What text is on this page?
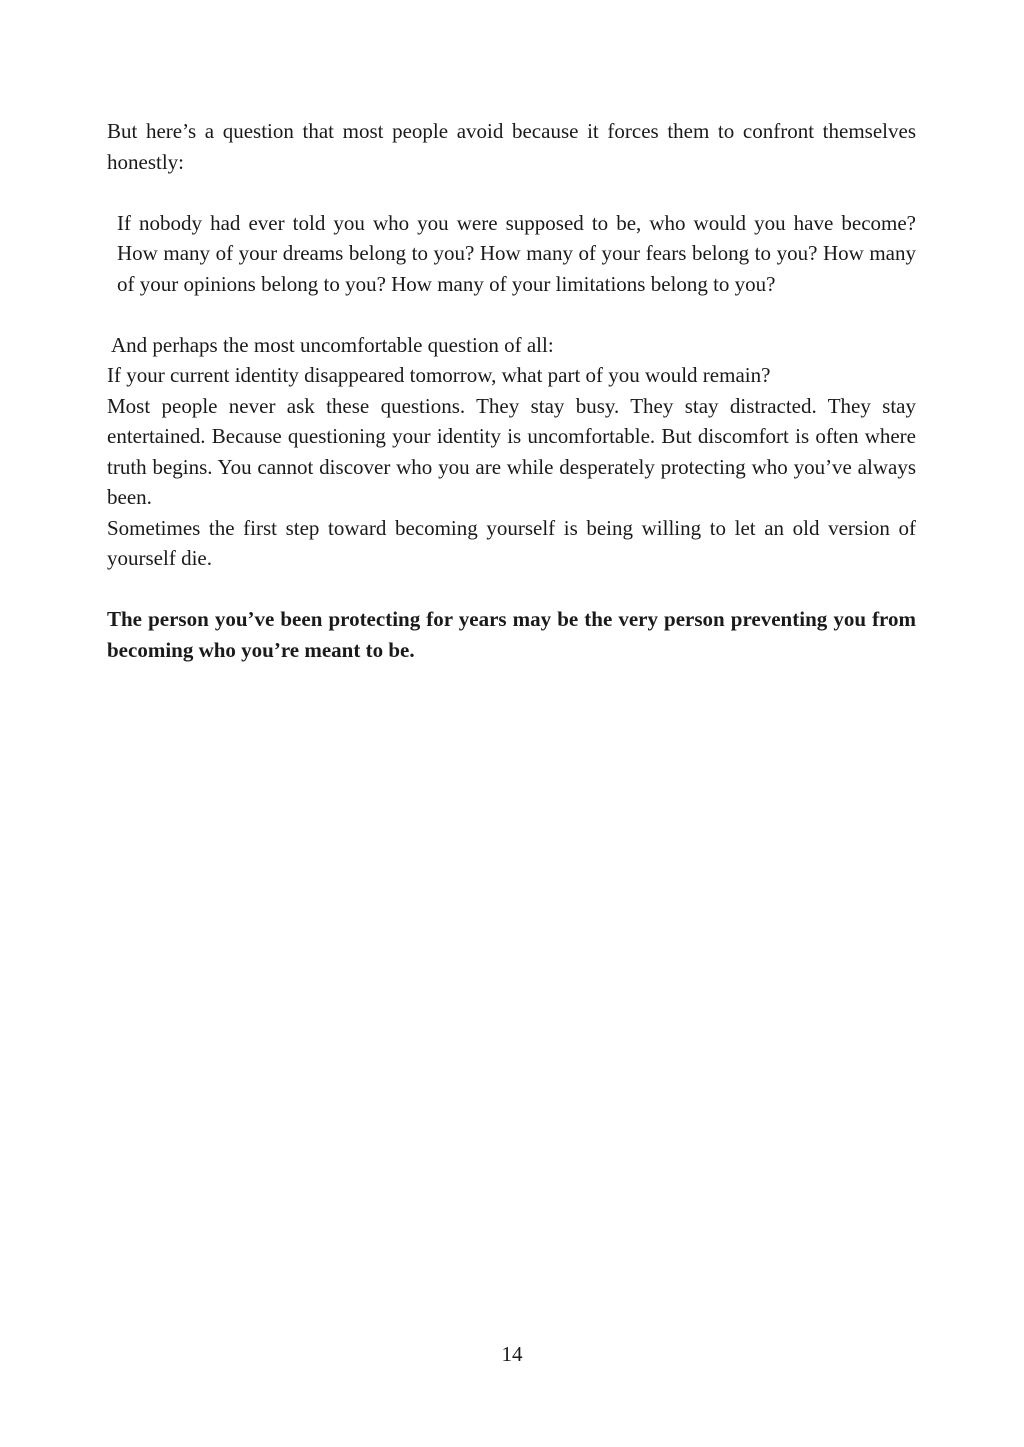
But here’s a question that most people avoid because it forces them to confront themselves honestly:

If nobody had ever told you who you were supposed to be, who would you have become? How many of your dreams belong to you? How many of your fears belong to you? How many of your opinions belong to you? How many of your limitations belong to you?

And perhaps the most uncomfortable question of all:

If your current identity disappeared tomorrow, what part of you would remain?

Most people never ask these questions. They stay busy. They stay distracted. They stay entertained. Because questioning your identity is uncomfortable. But discomfort is often where truth begins. You cannot discover who you are while desperately protecting who you’ve always been.

Sometimes the first step toward becoming yourself is being willing to let an old version of yourself die.

The person you’ve been protecting for years may be the very person preventing you from becoming who you’re meant to be.

14
